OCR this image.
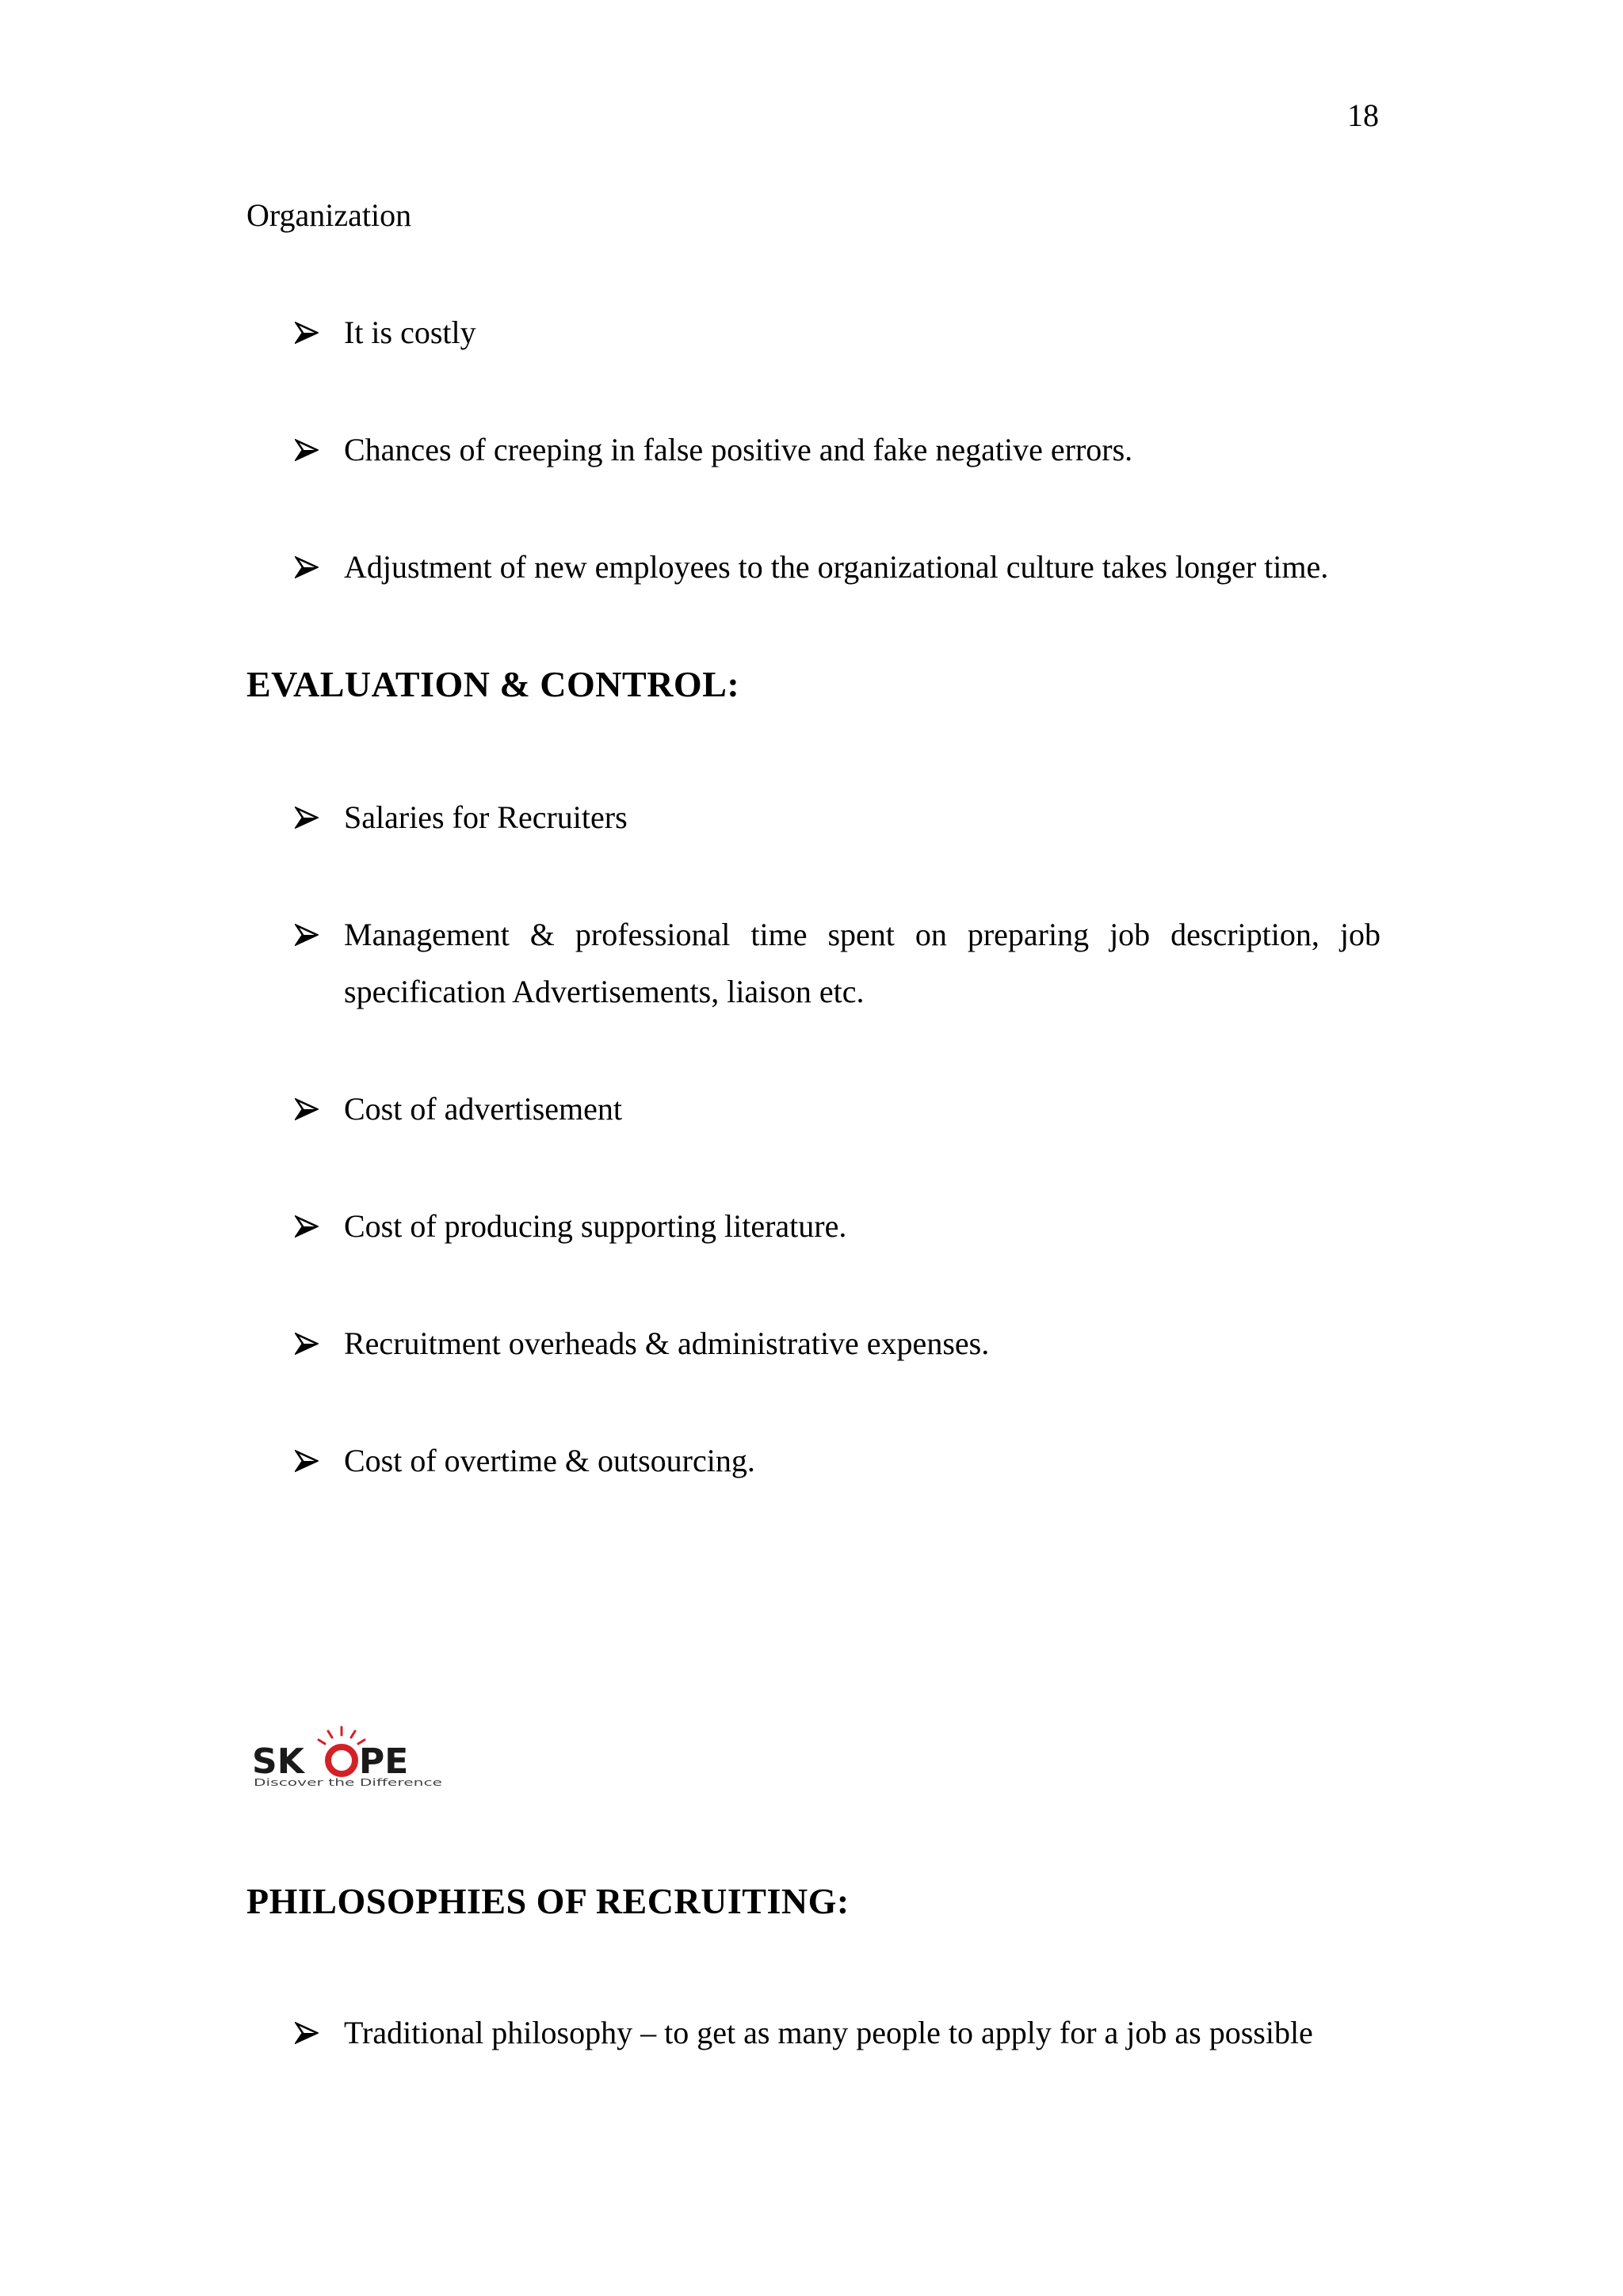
18
Organization
It is costly
Chances of creeping in false positive and fake negative errors.
Adjustment of new employees to the organizational culture takes longer time.
EVALUATION & CONTROL:
Salaries for Recruiters
Management & professional time spent on preparing job description, job specification Advertisements, liaison etc.
Cost of advertisement
Cost of producing supporting literature.
Recruitment overheads & administrative expenses.
Cost of overtime & outsourcing.
SK PE
Discover the Difference
PHILOSOPHIES OF RECRUITING:
Traditional philosophy – to get as many people to apply for a job as possible
